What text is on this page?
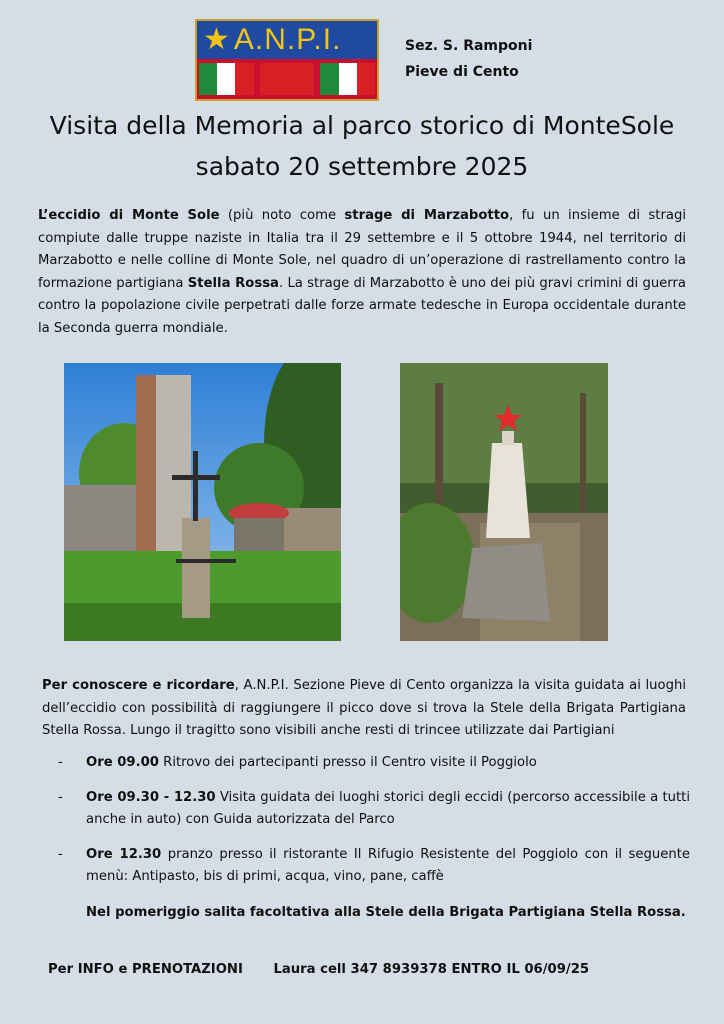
★ A.N.P.I.	Sez. S. Ramponi
Pieve di Cento
Visita della Memoria al parco storico di MonteSole
sabato 20 settembre 2025
L’eccidio di Monte Sole (più noto come strage di Marzabotto, fu un insieme di stragi compiute dalle truppe naziste in Italia tra il 29 settembre e il 5 ottobre 1944, nel territorio di Marzabotto e nelle colline di Monte Sole, nel quadro di un’operazione di rastrellamento contro la formazione partigiana Stella Rossa. La strage di Marzabotto è uno dei più gravi crimini di guerra contro la popolazione civile perpetrati dalle forze armate tedesche in Europa occidentale durante la Seconda guerra mondiale.
Per conoscere e ricordare, A.N.P.I. Sezione Pieve di Cento organizza la visita guidata ai luoghi dell’eccidio con possibilità di raggiungere il picco dove si trova la Stele della Brigata Partigiana Stella Rossa. Lungo il tragitto sono visibili anche resti di trincee utilizzate dai Partigiani
-	Ore 09.00 Ritrovo dei partecipanti presso il Centro visite il Poggiolo
-	Ore 09.30 - 12.30 Visita guidata dei luoghi storici degli eccidi (percorso accessibile a tutti anche in auto) con Guida autorizzata del Parco
-	Ore 12.30 pranzo presso il ristorante Il Rifugio Resistente del Poggiolo con il seguente menù: Antipasto, bis di primi, acqua, vino, pane, caffè
Nel pomeriggio salita facoltativa alla Stele della Brigata Partigiana Stella Rossa.
Per INFO e PRENOTAZIONI Laura cell 347 8939378 ENTRO IL 06/09/25
